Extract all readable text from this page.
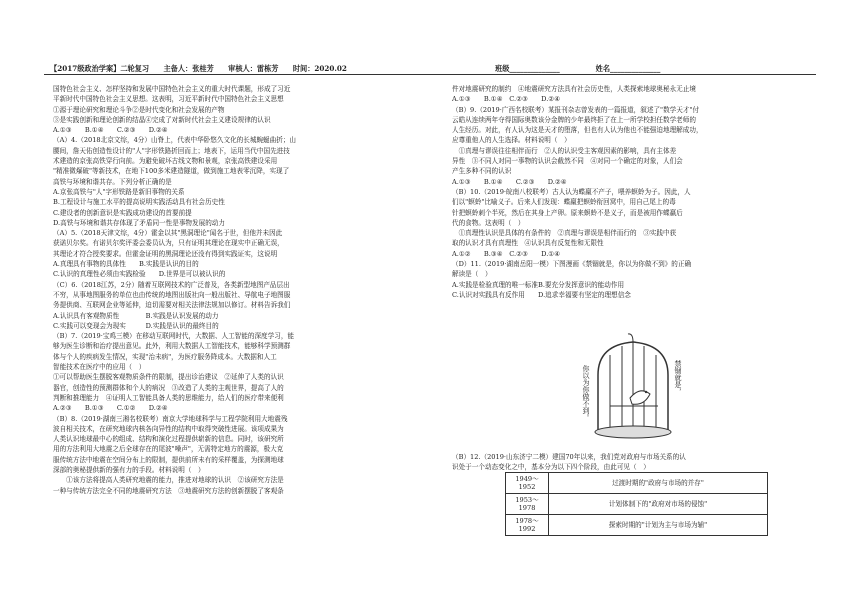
【2017级政治学案】二轮复习　　主备人：张桂芳　　审核人：雷栋芳　　时间：2020.02	班级______________　　　　　姓名______________

国特色社会主义、怎样坚持和发展中国特色社会主义的重大时代课题，形成了习近

平新时代中国特色社会主义思想。这表明，习近平新时代中国特色社会主义思想

①源于理论研究和理论斗争②是时代变化和社会发展的产物

③是实践创新和理论创新的结晶④完成了对新时代社会主义建设规律的认识

A.①③　　B.①④　　C.②③　　D.②④

（A）4.（2018北京文综，4分）山脊上，代表中华卧悠久文化的长城蜿蜒曲折；山

腰间，詹天佑创造性设计的"人"字形铁路折回而上；地表下，运用当代中国先进技

术建造的京张高铁穿行向前。为避免破坏古线文物和景观，京张高铁建设采用

"精准微爆破"等新技术，在地下100多米建造隧道，做到施工地表零沉降，实现了

高铁与环境和谐共存。下列分析正确的是

A.京张高铁与"人"字形铁路是新旧事物的关系

B.工程设计与施工水平的提高说明实践活动具有社会历史性

C.建设者的创新意识是实践成功建设的首要前提

D.高铁与环境和谐共存体现了矛盾同一性是事物发展的动力

（A）5.（2018天津文综，4分）霍金以其"黑洞理论"闻名于世，但他并未因此

获诺贝尔奖。有诺贝尔奖评委会委员认为，只有证明其理论在现实中正确无误，

其理论才符合授奖要求。但霍金证明的黑洞理论还没有得到实践证实，这说明

A.真理具有事物的具体性　　B.实践是认识的目的

C.认识的真理性必须由实践检验　　D.世界是可以被认识的

（C）6.（2018江苏，2分）随着互联网技术的广泛普及，各类新型地图产品层出

不穷，从事地图服务的单位也由传统的地图出版社向一般出版社、导航电子地图服

务提供商、互联网企业等延伸，迫切需要对相关法律法规加以修订。材料告诉我们

A.认识具有客观物质性　　　　B.实践是认识发展的动力

C.实践可以变现会为现实　　　D.实践是认识的最终目的

（B）7.（2019·宝鸡三模）在移动互联网时代，大数据、人工智能的深度学习，能

够为医生诊断和治疗提出意见。此外，利用大数据人工智能技术，能够科学预测群

体与个人的疾病发生情况，实现"治未病"，为医疗服务降成本。大数据和人工

智能技术在医疗中的应用（　）

①可以帮助医生摆脱客观物质条件的限制，提出诊治建议　②延伸了人类的认识

器官，创造性的预测群体和个人的病况　③改造了人类的主观世界，提高了人的

判断和推理能力　④证明人工智能具备人类的思维能力，给人们的医疗带来便利

A.②③　　B.①③　　C.①②　　D.②④

（B）8.（2019·湖南三湘名校联考）南京大学地球科学与工程学院利用大地震残

波自相关技术，在研究地球内核各向异性的结构中取得突破性进展。该项成果为

人类认识地球最中心的组成、结构和演化过程提供崭新的信息。同时，该研究所

用的方法利用大地震之后全球存在的尾波"噪声"，无需特定地方的震源，极大克

服传统方法中地震在空间分布上的限制，提供前所未有的采样覆盖，为探测地球

深部的奥秘提供新的强有力的手段。材料说明（　）

　　①该方法将提高人类研究地震的能力，推进对地球的认识　②该研究方法是

一种与传统方法完全不同的地震研究方法　③地震研究方法的创新摆脱了客观条

件对地震研究的制约　④地震研究方法具有社会历史性，人类探索地球奥秘永无止境

A.①③　　B.①④　C.②③　　D.②④

（B）9.（2019·广西名校联考）某报刊杂志曾发表的一篇报道，叙述了"数学天才"付

云皓从连续两年夺得国际奥数该分金牌的少年最终拒了在上一所学校担任数学老师的

人生经历。对此，有人认为这是天才的堕落，但也有人认为他也不能强迫地理解成功，

应尊重他人的人生选择。材料说明（　）

　①真理与谬误往往相伴而行　②人的认识受主客观因素的影响，具有主体差

异性　③不同人对同一事物的认识会截然不同　④对同一个确定的对象，人们会

产生多种不同的认识

A.①③　　B.①④　　C.②③　　D.②④

（B）10.（2019·皖南八校联考）古人认为蝶羸不产子，喂养螟蛉为子。因此，人

们以"螟蛉"比喻义子。后来人们发现：蝶羸把螟蛉衔回窝中，用自己尾上的毒

针把螟蛉刺个半死，然后在其身上产卵。原来螟蛉不是义子，而是被用作蝶羸后

代的食物。这表明（　）

　①真理性认识是具体的有条件的　②真理与谬误是相伴而行的　③实践中获

取的认识才具有真理性　④认识具有反复性和无限性

A.①②　　B.③④　C.②③　　D.①④

（D）11.（2019·湖南岳阳一模）下图漫画《禁锢就是，你以为你做不到》的正确

解读是（　）

A.实践是检验真理的唯一标准B.要充分发挥意识的能动作用

C.认识对实践具有反作用　　D.追求幸福要有坚定的理想信念

（B）12.（2019·山东济宁二模）建国70年以来，我们党对政府与市场关系的认

识处于一个动态变化之中，基本分为以下四个阶段，由此可见（　）

禁锢就是，
你以为你做不到。
1949～1952	过渡时期的"政府与市场的并存"
1953～1978	计划体制下的"政府对市场的侵蚀"
1978～1992	探索时期的"计划为主与市场为辅"
